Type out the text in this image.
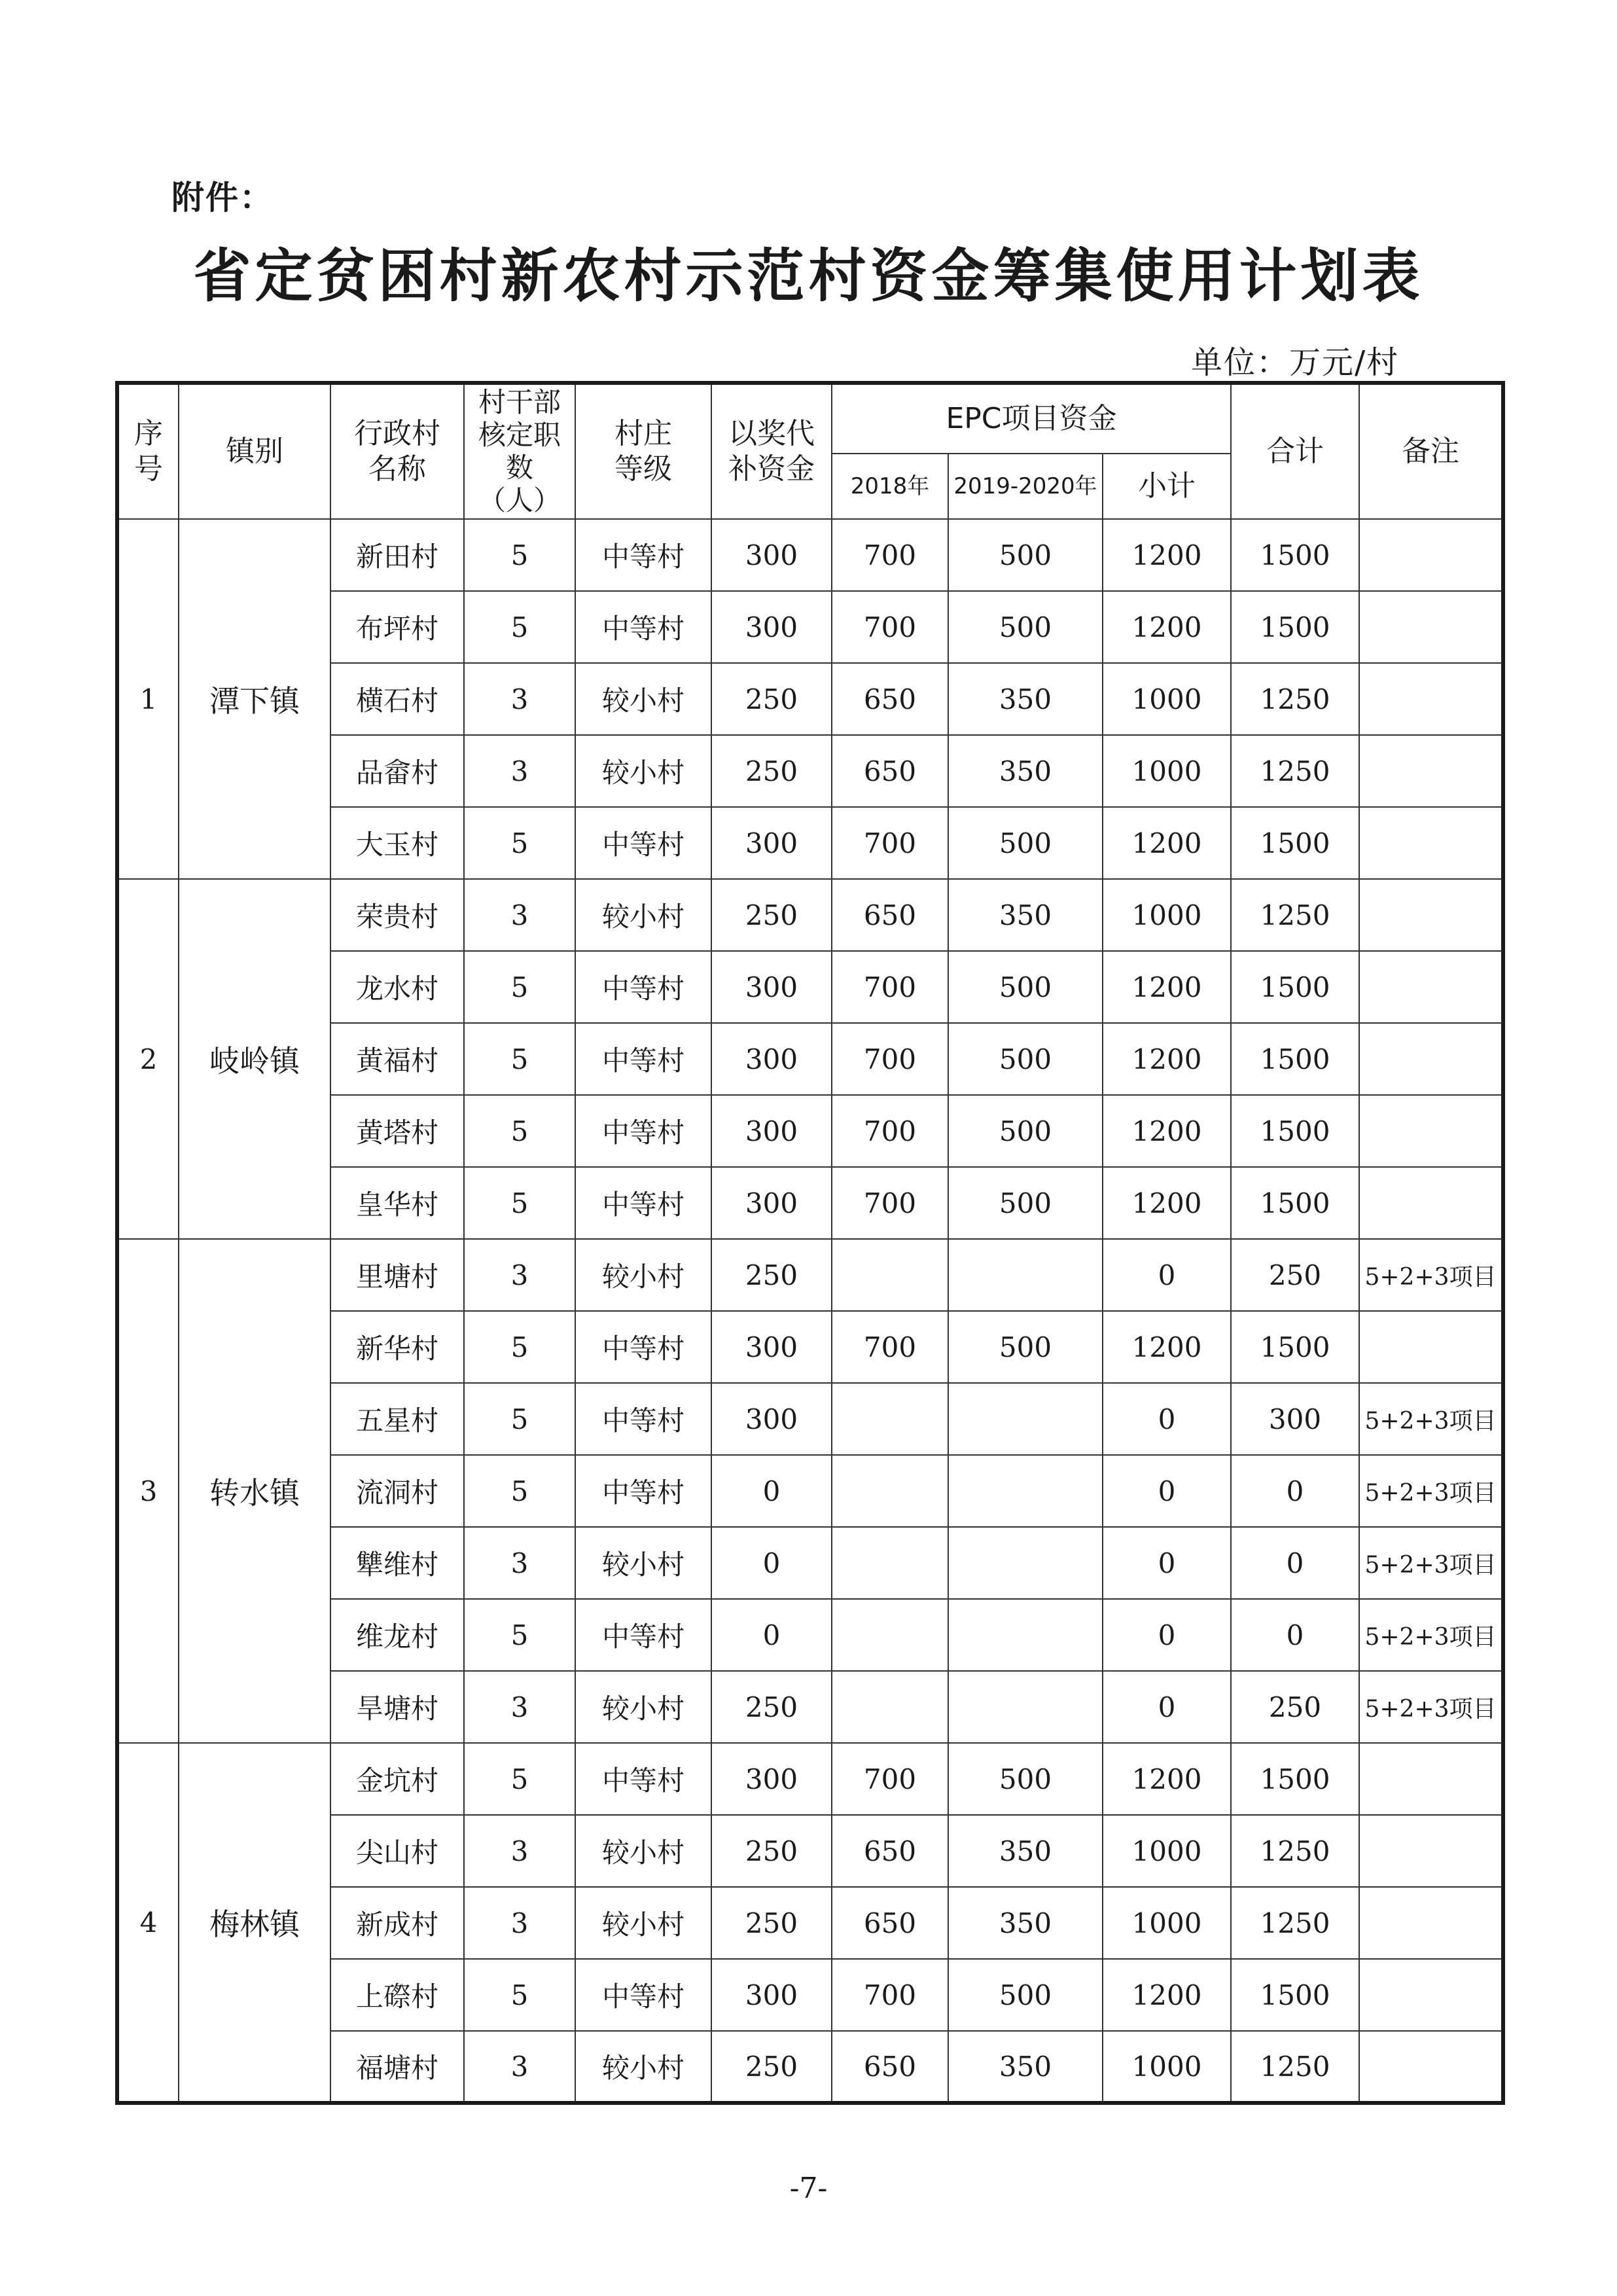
附件：
省定贫困村新农村示范村资金筹集使用计划表
单位：万元/村
序号	镇别	行政村名称	村干部核定职数（人）	村庄等级	以奖代补资金	EPC项目资金			合计	备注
						2018年	2019-2020年	小计		
1	潭下镇	新田村	5	中等村	300	700	500	1200	1500	
		布坪村	5	中等村	300	700	500	1200	1500	
		横石村	3	较小村	250	650	350	1000	1250	
		品畲村	3	较小村	250	650	350	1000	1250	
		大玉村	5	中等村	300	700	500	1200	1500	
2	岐岭镇	荣贵村	3	较小村	250	650	350	1000	1250	
		龙水村	5	中等村	300	700	500	1200	1500	
		黄福村	5	中等村	300	700	500	1200	1500	
		黄塔村	5	中等村	300	700	500	1200	1500	
		皇华村	5	中等村	300	700	500	1200	1500	
3	转水镇	里塘村	3	较小村	250			0	250	5+2+3项目
		新华村	5	中等村	300	700	500	1200	1500	
		五星村	5	中等村	300			0	300	5+2+3项目
		流洞村	5	中等村	0			0	0	5+2+3项目
		犨维村	3	较小村	0			0	0	5+2+3项目
		维龙村	5	中等村	0			0	0	5+2+3项目
		旱塘村	3	较小村	250			0	250	5+2+3项目
4	梅林镇	金坑村	5	中等村	300	700	500	1200	1500	
		尖山村	3	较小村	250	650	350	1000	1250	
		新成村	3	较小村	250	650	350	1000	1250	
		上磜村	5	中等村	300	700	500	1200	1500	
		福塘村	3	较小村	250	650	350	1000	1250	
-7-
